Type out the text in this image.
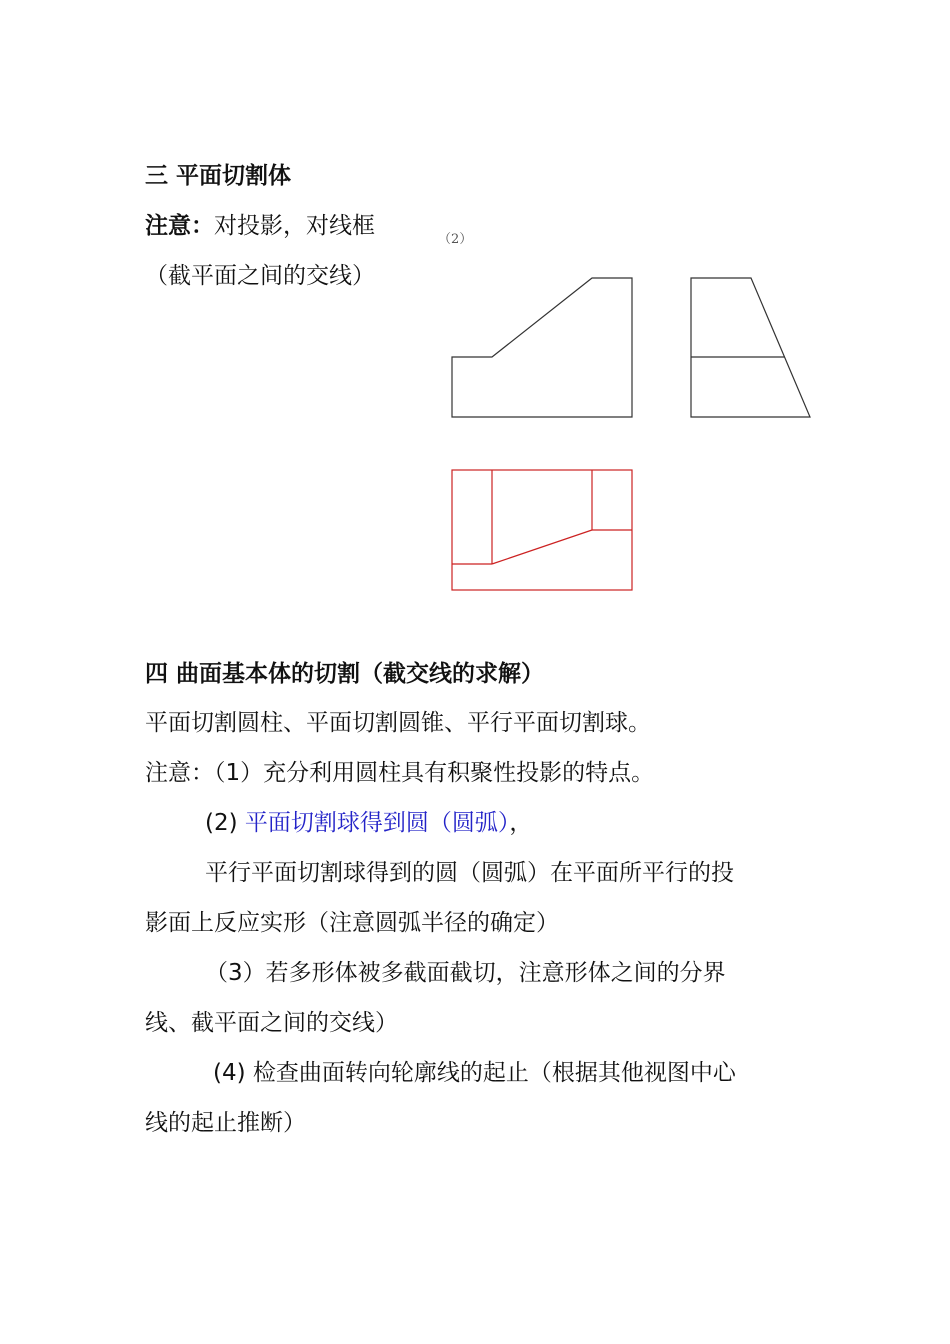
三 平面切割体
注意：对投影，对线框
（截平面之间的交线）
（2）
四 曲面基本体的切割（截交线的求解）
平面切割圆柱、平面切割圆锥、平行平面切割球。
注意：（1）充分利用圆柱具有积聚性投影的特点。
(2) 平面切割球得到圆（圆弧），
平行平面切割球得到的圆（圆弧）在平面所平行的投
影面上反应实形（注意圆弧半径的确定）
（3）若多形体被多截面截切，注意形体之间的分界
线、截平面之间的交线）
(4) 检查曲面转向轮廓线的起止（根据其他视图中心
线的起止推断）
